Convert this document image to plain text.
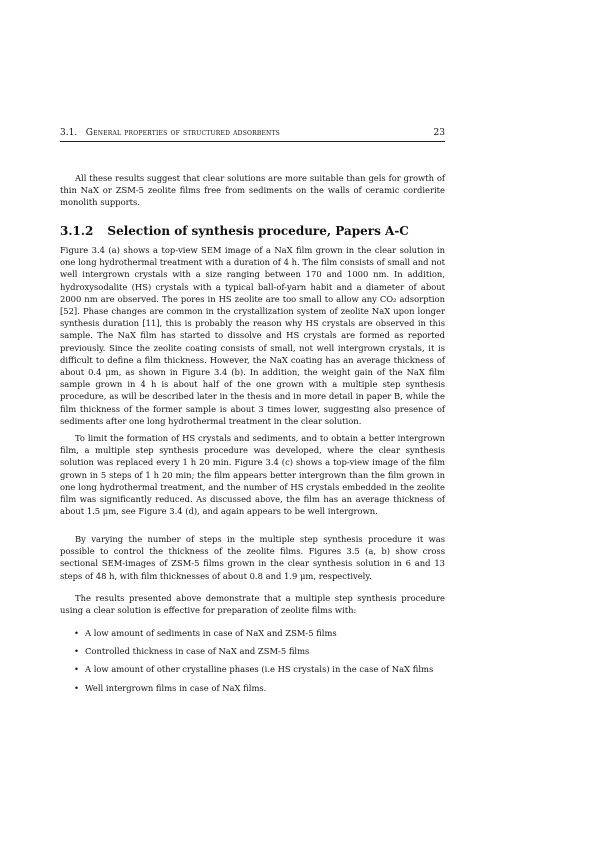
3.1. General properties of structured adsorbents	23

All these results suggest that clear solutions are more suitable than gels for growth of thin NaX or ZSM-5 zeolite films free from sediments on the walls of ceramic cordierite monolith supports.

3.1.2 Selection of synthesis procedure, Papers A-C

Figure 3.4 (a) shows a top-view SEM image of a NaX film grown in the clear solution in one long hydrothermal treatment with a duration of 4 h. The film consists of small and not well intergrown crystals with a size ranging between 170 and 1000 nm. In addition, hydroxysodalite (HS) crystals with a typical ball-of-yarn habit and a diameter of about 2000 nm are observed. The pores in HS zeolite are too small to allow any CO₂ adsorption [52]. Phase changes are common in the crystallization system of zeolite NaX upon longer synthesis duration [11], this is probably the reason why HS crystals are observed in this sample. The NaX film has started to dissolve and HS crystals are formed as reported previously. Since the zeolite coating consists of small, not well intergrown crystals, it is difficult to define a film thickness. However, the NaX coating has an average thickness of about 0.4 μm, as shown in Figure 3.4 (b). In addition, the weight gain of the NaX film sample grown in 4 h is about half of the one grown with a multiple step synthesis procedure, as will be described later in the thesis and in more detail in paper B, while the film thickness of the former sample is about 3 times lower, suggesting also presence of sediments after one long hydrothermal treatment in the clear solution.

To limit the formation of HS crystals and sediments, and to obtain a better intergrown film, a multiple step synthesis procedure was developed, where the clear synthesis solution was replaced every 1 h 20 min. Figure 3.4 (c) shows a top-view image of the film grown in 5 steps of 1 h 20 min; the film appears better intergrown than the film grown in one long hydrothermal treatment, and the number of HS crystals embedded in the zeolite film was significantly reduced. As discussed above, the film has an average thickness of about 1.5 μm, see Figure 3.4 (d), and again appears to be well intergrown.

By varying the number of steps in the multiple step synthesis procedure it was possible to control the thickness of the zeolite films. Figures 3.5 (a, b) show cross sectional SEM-images of ZSM-5 films grown in the clear synthesis solution in 6 and 13 steps of 48 h, with film thicknesses of about 0.8 and 1.9 μm, respectively.

The results presented above demonstrate that a multiple step synthesis procedure using a clear solution is effective for preparation of zeolite films with:

• A low amount of sediments in case of NaX and ZSM-5 films
• Controlled thickness in case of NaX and ZSM-5 films
• A low amount of other crystalline phases (i.e HS crystals) in the case of NaX films
• Well intergrown films in case of NaX films.
